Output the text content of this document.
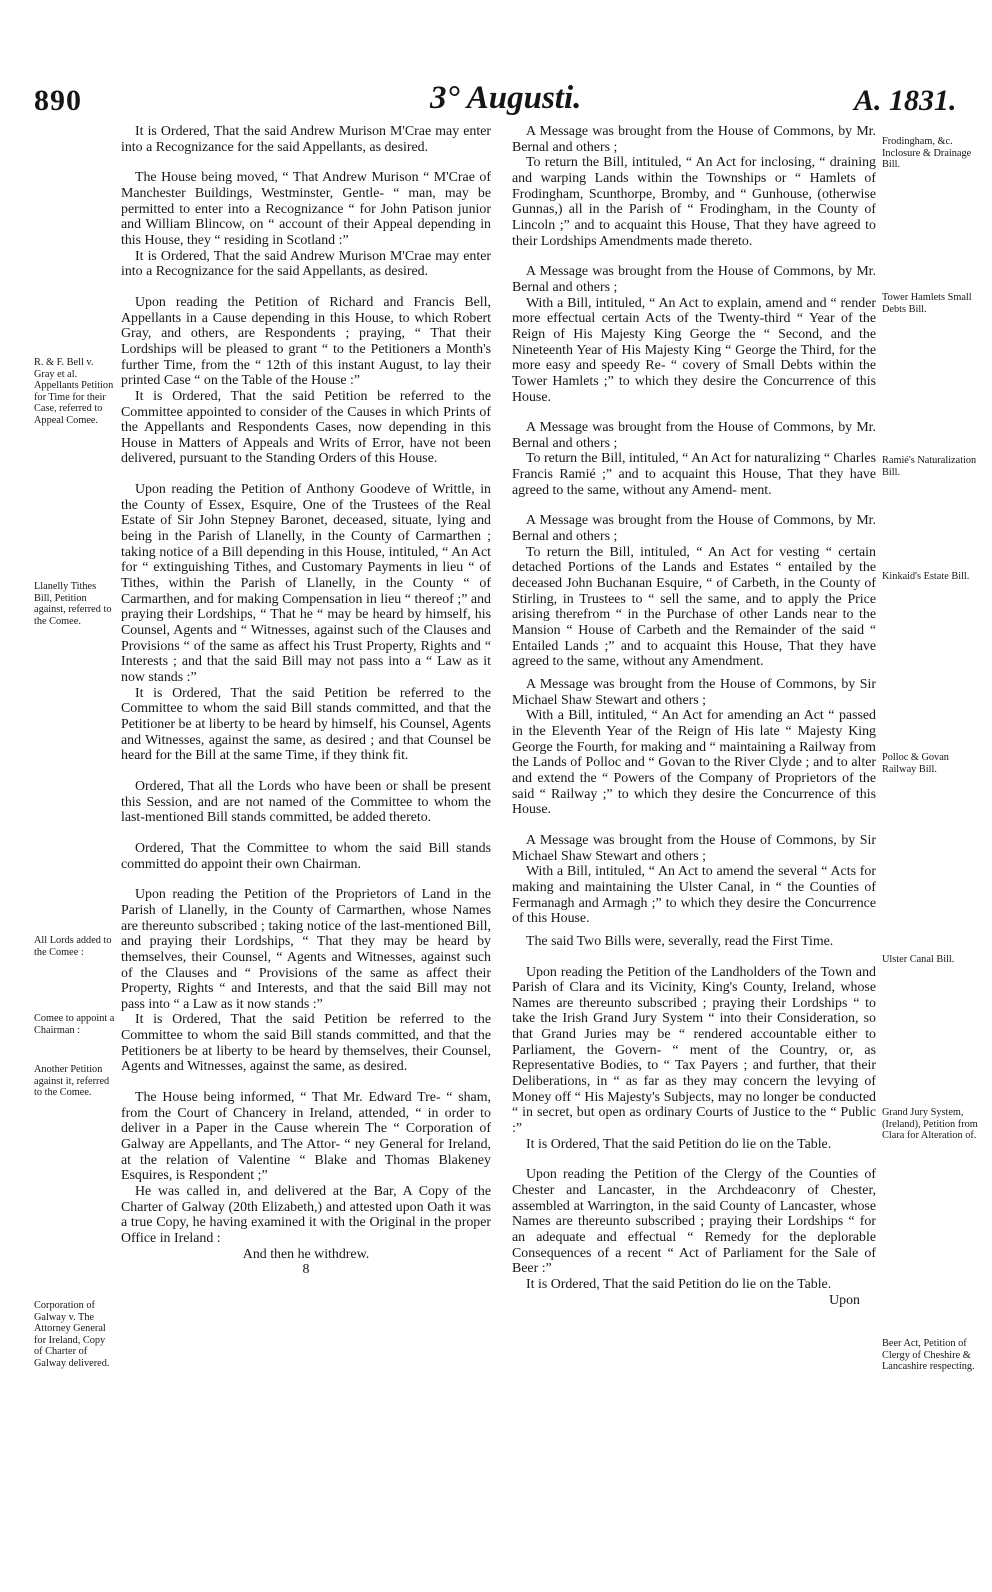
890	3° Augusti.	A. 1831.

It is Ordered, That the said Andrew Murison M'Crae may enter into a Recognizance for the said Appellants, as desired.

The House being moved, “ That Andrew Murison “ M'Crae of Manchester Buildings, Westminster, Gentle- “ man, may be permitted to enter into a Recognizance “ for John Patison junior and William Blincow, on “ account of their Appeal depending in this House, they “ residing in Scotland :”

It is Ordered, That the said Andrew Murison M'Crae may enter into a Recognizance for the said Appellants, as desired.

Upon reading the Petition of Richard and Francis Bell, Appellants in a Cause depending in this House, to which Robert Gray, and others, are Respondents ; praying, “ That their Lordships will be pleased to grant “ to the Petitioners a Month's further Time, from the “ 12th of this instant August, to lay their printed Case “ on the Table of the House :”

It is Ordered, That the said Petition be referred to the Committee appointed to consider of the Causes in which Prints of the Appellants and Respondents Cases, now depending in this House in Matters of Appeals and Writs of Error, have not been delivered, pursuant to the Standing Orders of this House.

Upon reading the Petition of Anthony Goodeve of Writtle, in the County of Essex, Esquire, One of the Trustees of the Real Estate of Sir John Stepney Baronet, deceased, situate, lying and being in the Parish of Llanelly, in the County of Carmarthen ; taking notice of a Bill depending in this House, intituled, “ An Act for “ extinguishing Tithes, and Customary Payments in lieu “ of Tithes, within the Parish of Llanelly, in the County “ of Carmarthen, and for making Compensation in lieu “ thereof ;” and praying their Lordships, “ That he “ may be heard by himself, his Counsel, Agents and “ Witnesses, against such of the Clauses and Provisions “ of the same as affect his Trust Property, Rights and “ Interests ; and that the said Bill may not pass into a “ Law as it now stands :”

It is Ordered, That the said Petition be referred to the Committee to whom the said Bill stands committed, and that the Petitioner be at liberty to be heard by himself, his Counsel, Agents and Witnesses, against the same, as desired ; and that Counsel be heard for the Bill at the same Time, if they think fit.

Ordered, That all the Lords who have been or shall be present this Session, and are not named of the Committee to whom the last-mentioned Bill stands committed, be added thereto.

Ordered, That the Committee to whom the said Bill stands committed do appoint their own Chairman.

Upon reading the Petition of the Proprietors of Land in the Parish of Llanelly, in the County of Carmarthen, whose Names are thereunto subscribed ; taking notice of the last-mentioned Bill, and praying their Lordships, “ That they may be heard by themselves, their Counsel, “ Agents and Witnesses, against such of the Clauses and “ Provisions of the same as affect their Property, Rights “ and Interests, and that the said Bill may not pass into “ a Law as it now stands :”

It is Ordered, That the said Petition be referred to the Committee to whom the said Bill stands committed, and that the Petitioners be at liberty to be heard by themselves, their Counsel, Agents and Witnesses, against the same, as desired.

The House being informed, “ That Mr. Edward Tre- “ sham, from the Court of Chancery in Ireland, attended, “ in order to deliver in a Paper in the Cause wherein The “ Corporation of Galway are Appellants, and The Attor- “ ney General for Ireland, at the relation of Valentine “ Blake and Thomas Blakeney Esquires, is Respondent ;”

He was called in, and delivered at the Bar, A Copy of the Charter of Galway (20th Elizabeth,) and attested upon Oath it was a true Copy, he having examined it with the Original in the proper Office in Ireland :

And then he withdrew.

8

A Message was brought from the House of Commons, by Mr. Bernal and others ;

To return the Bill, intituled, “ An Act for inclosing, “ draining and warping Lands within the Townships or “ Hamlets of Frodingham, Scunthorpe, Bromby, and “ Gunhouse, (otherwise Gunnas,) all in the Parish of “ Frodingham, in the County of Lincoln ;” and to acquaint this House, That they have agreed to their Lordships Amendments made thereto.

A Message was brought from the House of Commons, by Mr. Bernal and others ;

With a Bill, intituled, “ An Act to explain, amend and “ render more effectual certain Acts of the Twenty-third “ Year of the Reign of His Majesty King George the “ Second, and the Nineteenth Year of His Majesty King “ George the Third, for the more easy and speedy Re- “ covery of Small Debts within the Tower Hamlets ;” to which they desire the Concurrence of this House.

A Message was brought from the House of Commons, by Mr. Bernal and others ;

To return the Bill, intituled, “ An Act for naturalizing “ Charles Francis Ramié ;” and to acquaint this House, That they have agreed to the same, without any Amend- ment.

A Message was brought from the House of Commons, by Mr. Bernal and others ;

To return the Bill, intituled, “ An Act for vesting “ certain detached Portions of the Lands and Estates “ entailed by the deceased John Buchanan Esquire, “ of Carbeth, in the County of Stirling, in Trustees to “ sell the same, and to apply the Price arising therefrom “ in the Purchase of other Lands near to the Mansion “ House of Carbeth and the Remainder of the said “ Entailed Lands ;” and to acquaint this House, That they have agreed to the same, without any Amendment.

A Message was brought from the House of Commons, by Sir Michael Shaw Stewart and others ;

With a Bill, intituled, “ An Act for amending an Act “ passed in the Eleventh Year of the Reign of His late “ Majesty King George the Fourth, for making and “ maintaining a Railway from the Lands of Polloc and “ Govan to the River Clyde ; and to alter and extend the “ Powers of the Company of Proprietors of the said “ Railway ;” to which they desire the Concurrence of this House.

A Message was brought from the House of Commons, by Sir Michael Shaw Stewart and others ;

With a Bill, intituled, “ An Act to amend the several “ Acts for making and maintaining the Ulster Canal, in “ the Counties of Fermanagh and Armagh ;” to which they desire the Concurrence of this House.

The said Two Bills were, severally, read the First Time.

Upon reading the Petition of the Landholders of the Town and Parish of Clara and its Vicinity, King's County, Ireland, whose Names are thereunto subscribed ; praying their Lordships “ to take the Irish Grand Jury System “ into their Consideration, so that Grand Juries may be “ rendered accountable either to Parliament, the Govern- “ ment of the Country, or, as Representative Bodies, to “ Tax Payers ; and further, that their Deliberations, in “ as far as they may concern the levying of Money off “ His Majesty's Subjects, may no longer be conducted “ in secret, but open as ordinary Courts of Justice to the “ Public :”

It is Ordered, That the said Petition do lie on the Table.

Upon reading the Petition of the Clergy of the Counties of Chester and Lancaster, in the Archdeaconry of Chester, assembled at Warrington, in the said County of Lancaster, whose Names are thereunto subscribed ; praying their Lordships “ for an adequate and effectual “ Remedy for the deplorable Consequences of a recent “ Act of Parliament for the Sale of Beer :”

It is Ordered, That the said Petition do lie on the Table.

Upon

R. & F. Bell v. Gray et al. Appellants Petition for Time for their Case, referred to Appeal Comee.
Llanelly Tithes Bill, Petition against, referred to the Comee.
All Lords added to the Comee :
Comee to appoint a Chairman :
Another Petition against it, referred to the Comee.
Corporation of Galway v. The Attorney General for Ireland, Copy of Charter of Galway delivered.
Frodingham, &c. Inclosure & Drainage Bill.
Tower Hamlets Small Debts Bill.
Ramié's Naturalization Bill.
Kinkaid's Estate Bill.
Polloc & Govan Railway Bill.
Ulster Canal Bill.
Grand Jury System, (Ireland), Petition from Clara for Alteration of.
Beer Act, Petition of Clergy of Cheshire & Lancashire respecting.
